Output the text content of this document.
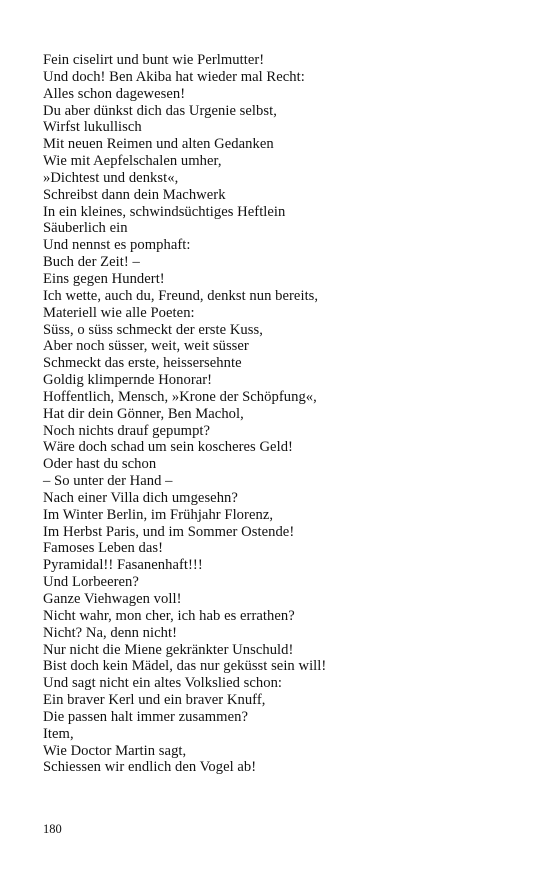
Fein ciselirt und bunt wie Perlmutter!
Und doch! Ben Akiba hat wieder mal Recht:
Alles schon dagewesen!
Du aber dünkst dich das Urgenie selbst,
Wirfst lukullisch
Mit neuen Reimen und alten Gedanken
Wie mit Aepfelschalen umher,
»Dichtest und denkst«,
Schreibst dann dein Machwerk
In ein kleines, schwindsüchtiges Heftlein
Säuberlich ein
Und nennst es pomphaft:
Buch der Zeit! –
Eins gegen Hundert!
Ich wette, auch du, Freund, denkst nun bereits,
Materiell wie alle Poeten:
Süss, o süss schmeckt der erste Kuss,
Aber noch süsser, weit, weit süsser
Schmeckt das erste, heissersehnte
Goldig klimpernde Honorar!
Hoffentlich, Mensch, »Krone der Schöpfung«,
Hat dir dein Gönner, Ben Machol,
Noch nichts drauf gepumpt?
Wäre doch schad um sein koscheres Geld!
Oder hast du schon
– So unter der Hand –
Nach einer Villa dich umgesehn?
Im Winter Berlin, im Frühjahr Florenz,
Im Herbst Paris, und im Sommer Ostende!
Famoses Leben das!
Pyramidal!! Fasanenhaft!!!
Und Lorbeeren?
Ganze Viehwagen voll!
Nicht wahr, mon cher, ich hab es errathen?
Nicht? Na, denn nicht!
Nur nicht die Miene gekränkter Unschuld!
Bist doch kein Mädel, das nur geküsst sein will!
Und sagt nicht ein altes Volkslied schon:
Ein braver Kerl und ein braver Knuff,
Die passen halt immer zusammen?
Item,
Wie Doctor Martin sagt,
Schiessen wir endlich den Vogel ab!
180
